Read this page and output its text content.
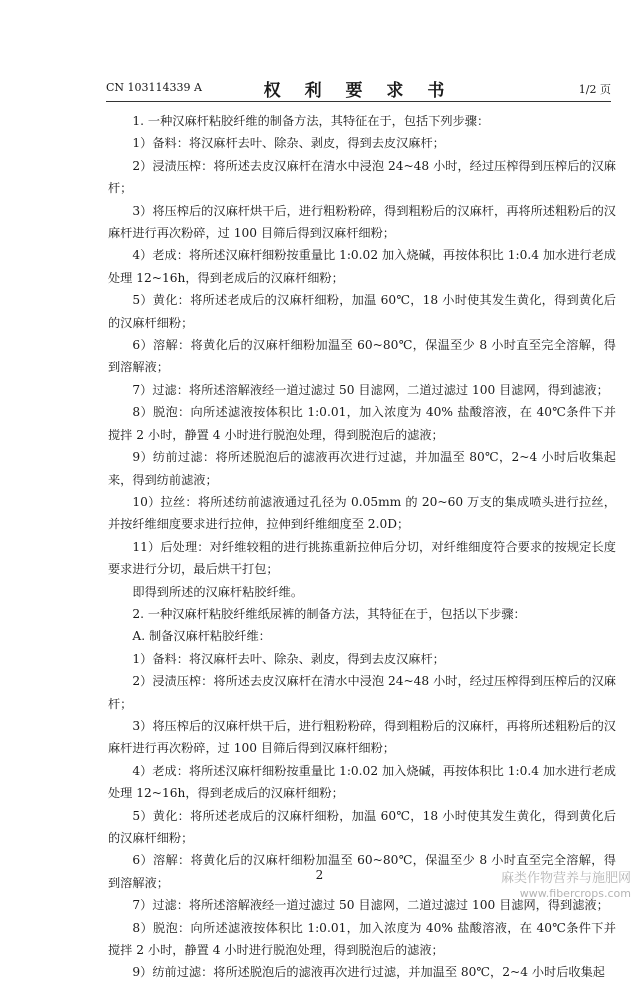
CN 103114339 A	权 利 要 求 书	1/2 页

1. 一种汉麻杆粘胶纤维的制备方法，其特征在于，包括下列步骤：

1）备料：将汉麻杆去叶、除杂、剥皮，得到去皮汉麻杆；

2）浸渍压榨：将所述去皮汉麻杆在清水中浸泡 24~48 小时，经过压榨得到压榨后的汉麻杆；

3）将压榨后的汉麻杆烘干后，进行粗粉粉碎，得到粗粉后的汉麻杆，再将所述粗粉后的汉麻杆进行再次粉碎，过 100 目筛后得到汉麻杆细粉；

4）老成：将所述汉麻杆细粉按重量比 1:0.02 加入烧碱，再按体积比 1:0.4 加水进行老成处理 12~16h，得到老成后的汉麻杆细粉；

5）黄化：将所述老成后的汉麻杆细粉，加温 60℃，18 小时使其发生黄化，得到黄化后的汉麻杆细粉；

6）溶解：将黄化后的汉麻杆细粉加温至 60~80℃，保温至少 8 小时直至完全溶解，得到溶解液；

7）过滤：将所述溶解液经一道过滤过 50 目滤网，二道过滤过 100 目滤网，得到滤液；

8）脱泡：向所述滤液按体积比 1:0.01，加入浓度为 40% 盐酸溶液，在 40℃条件下并搅拌 2 小时，静置 4 小时进行脱泡处理，得到脱泡后的滤液；

9）纺前过滤：将所述脱泡后的滤液再次进行过滤，并加温至 80℃，2~4 小时后收集起来，得到纺前滤液；

10）拉丝：将所述纺前滤液通过孔径为 0.05mm 的 20~60 万支的集成喷头进行拉丝，并按纤维细度要求进行拉伸，拉伸到纤维细度至 2.0D；

11）后处理：对纤维较粗的进行挑拣重新拉伸后分切，对纤维细度符合要求的按规定长度要求进行分切，最后烘干打包；

即得到所述的汉麻杆粘胶纤维。

2. 一种汉麻杆粘胶纤维纸尿裤的制备方法，其特征在于，包括以下步骤：

A. 制备汉麻杆粘胶纤维：

1）备料：将汉麻杆去叶、除杂、剥皮，得到去皮汉麻杆；

2）浸渍压榨：将所述去皮汉麻杆在清水中浸泡 24~48 小时，经过压榨得到压榨后的汉麻杆；

3）将压榨后的汉麻杆烘干后，进行粗粉粉碎，得到粗粉后的汉麻杆，再将所述粗粉后的汉麻杆进行再次粉碎，过 100 目筛后得到汉麻杆细粉；

4）老成：将所述汉麻杆细粉按重量比 1:0.02 加入烧碱，再按体积比 1:0.4 加水进行老成处理 12~16h，得到老成后的汉麻杆细粉；

5）黄化：将所述老成后的汉麻杆细粉，加温 60℃，18 小时使其发生黄化，得到黄化后的汉麻杆细粉；

6）溶解：将黄化后的汉麻杆细粉加温至 60~80℃，保温至少 8 小时直至完全溶解，得到溶解液；

7）过滤：将所述溶解液经一道过滤过 50 目滤网，二道过滤过 100 目滤网，得到滤液；

8）脱泡：向所述滤液按体积比 1:0.01，加入浓度为 40% 盐酸溶液，在 40℃条件下并搅拌 2 小时，静置 4 小时进行脱泡处理，得到脱泡后的滤液；

9）纺前过滤：将所述脱泡后的滤液再次进行过滤，并加温至 80℃，2~4 小时后收集起

2	麻类作物营养与施肥网
www.fibercrops.com
